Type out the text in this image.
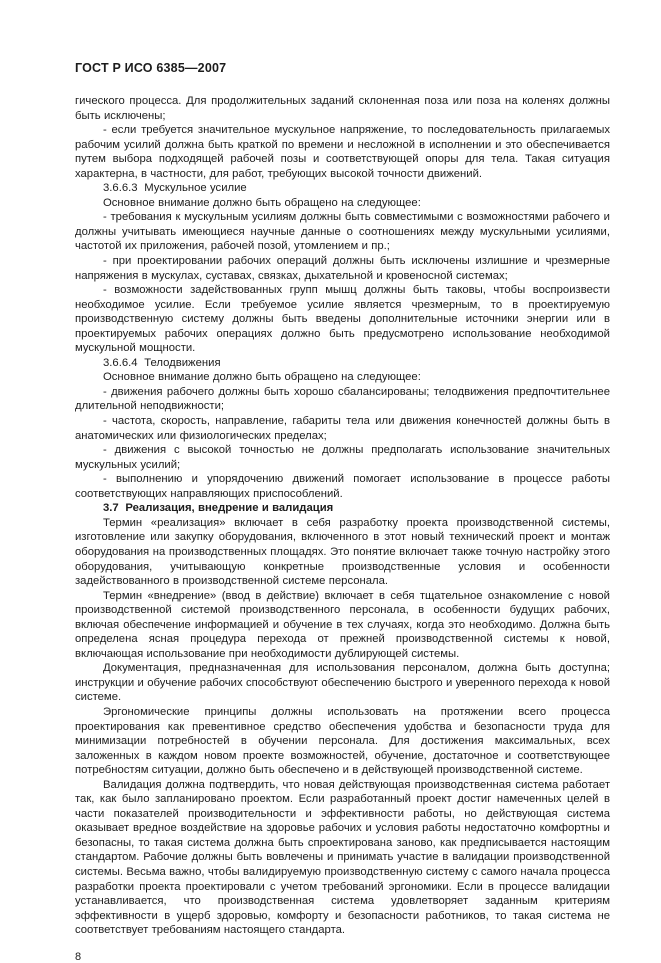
ГОСТ Р ИСО 6385—2007

гического процесса. Для продолжительных заданий склоненная поза или поза на коленях должны быть исключены;

- если требуется значительное мускульное напряжение, то последовательность прилагаемых рабочим усилий должна быть краткой по времени и несложной в исполнении и это обеспечивается путем выбора подходящей рабочей позы и соответствующей опоры для тела. Такая ситуация характерна, в частности, для работ, требующих высокой точности движений.

3.6.6.3  Мускульное усилие

Основное внимание должно быть обращено на следующее:

- требования к мускульным усилиям должны быть совместимыми с возможностями рабочего и должны учитывать имеющиеся научные данные о соотношениях между мускульными усилиями, частотой их приложения, рабочей позой, утомлением и пр.;

- при проектировании рабочих операций должны быть исключены излишние и чрезмерные напряжения в мускулах, суставах, связках, дыхательной и кровеносной системах;

- возможности задействованных групп мышц должны быть таковы, чтобы воспроизвести необходимое усилие. Если требуемое усилие является чрезмерным, то в проектируемую производственную систему должны быть введены дополнительные источники энергии или в проектируемых рабочих операциях должно быть предусмотрено использование необходимой мускульной мощности.

3.6.6.4  Телодвижения

Основное внимание должно быть обращено на следующее:

- движения рабочего должны быть хорошо сбалансированы; телодвижения предпочтительнее длительной неподвижности;

- частота, скорость, направление, габариты тела или движения конечностей должны быть в анатомических или физиологических пределах;

- движения с высокой точностью не должны предполагать использование значительных мускульных усилий;

- выполнению и упорядочению движений помогает использование в процессе работы соответствующих направляющих приспособлений.

3.7  Реализация, внедрение и валидация

Термин «реализация» включает в себя разработку проекта производственной системы, изготовление или закупку оборудования, включенного в этот новый технический проект и монтаж оборудования на производственных площадях. Это понятие включает также точную настройку этого оборудования, учитывающую конкретные производственные условия и особенности задействованного в производственной системе персонала.

Термин «внедрение» (ввод в действие) включает в себя тщательное ознакомление с новой производственной системой производственного персонала, в особенности будущих рабочих, включая обеспечение информацией и обучение в тех случаях, когда это необходимо. Должна быть определена ясная процедура перехода от прежней производственной системы к новой, включающая использование при необходимости дублирующей системы.

Документация, предназначенная для использования персоналом, должна быть доступна; инструкции и обучение рабочих способствуют обеспечению быстрого и уверенного перехода к новой системе.

Эргономические принципы должны использовать на протяжении всего процесса проектирования как превентивное средство обеспечения удобства и безопасности труда для минимизации потребностей в обучении персонала. Для достижения максимальных, всех заложенных в каждом новом проекте возможностей, обучение, достаточное и соответствующее потребностям ситуации, должно быть обеспечено и в действующей производственной системе.

Валидация должна подтвердить, что новая действующая производственная система работает так, как было запланировано проектом. Если разработанный проект достиг намеченных целей в части показателей производительности и эффективности работы, но действующая система оказывает вредное воздействие на здоровье рабочих и условия работы недостаточно комфортны и безопасны, то такая система должна быть спроектирована заново, как предписывается настоящим стандартом. Рабочие должны быть вовлечены и принимать участие в валидации производственной системы. Весьма важно, чтобы валидируемую производственную систему с самого начала процесса разработки проекта проектировали с учетом требований эргономики. Если в процессе валидации устанавливается, что производственная система удовлетворяет заданным критериям эффективности в ущерб здоровью, комфорту и безопасности работников, то такая система не соответствует требованиям настоящего стандарта.

8
